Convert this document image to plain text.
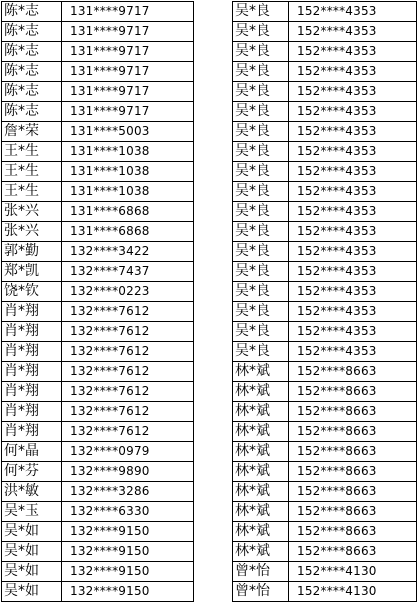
陈*志	131****9717
陈*志	131****9717
陈*志	131****9717
陈*志	131****9717
陈*志	131****9717
陈*志	131****9717
詹*荣	131****5003
王*生	131****1038
王*生	131****1038
王*生	131****1038
张*兴	131****6868
张*兴	131****6868
郭*勤	132****3422
郑*凯	132****7437
饶*钦	132****0223
肖*翔	132****7612
肖*翔	132****7612
肖*翔	132****7612
肖*翔	132****7612
肖*翔	132****7612
肖*翔	132****7612
肖*翔	132****7612
何*晶	132****0979
何*芬	132****9890
洪*敏	132****3286
吴*玉	132****6330
吴*如	132****9150
吴*如	132****9150
吴*如	132****9150
吴*如	132****9150
吴*良	152****4353
吴*良	152****4353
吴*良	152****4353
吴*良	152****4353
吴*良	152****4353
吴*良	152****4353
吴*良	152****4353
吴*良	152****4353
吴*良	152****4353
吴*良	152****4353
吴*良	152****4353
吴*良	152****4353
吴*良	152****4353
吴*良	152****4353
吴*良	152****4353
吴*良	152****4353
吴*良	152****4353
吴*良	152****4353
林*斌	152****8663
林*斌	152****8663
林*斌	152****8663
林*斌	152****8663
林*斌	152****8663
林*斌	152****8663
林*斌	152****8663
林*斌	152****8663
林*斌	152****8663
林*斌	152****8663
曾*怡	152****4130
曾*怡	152****4130
